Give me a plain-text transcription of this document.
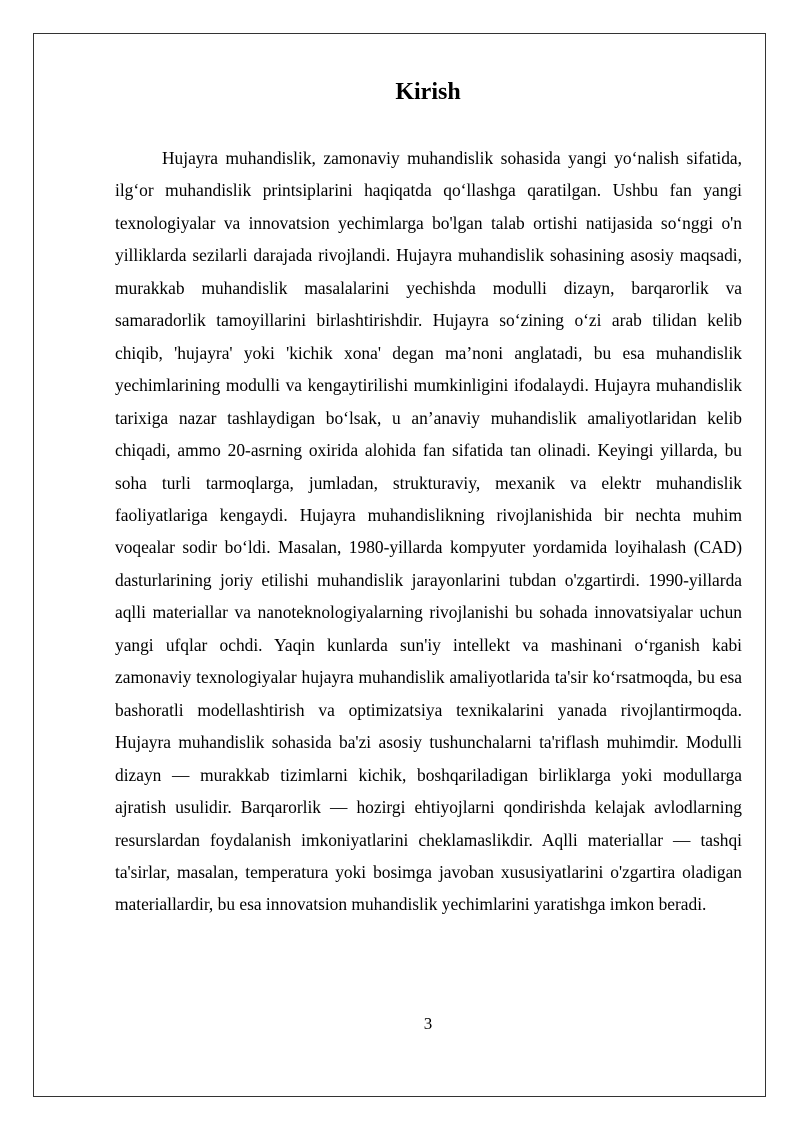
Kirish

Hujayra muhandislik, zamonaviy muhandislik sohasida yangi yo‘nalish sifatida, ilg‘or muhandislik printsiplarini haqiqatda qo‘llashga qaratilgan. Ushbu fan yangi texnologiyalar va innovatsion yechimlarga bo'lgan talab ortishi natijasida so‘nggi o'n yilliklarda sezilarli darajada rivojlandi. Hujayra muhandislik sohasining asosiy maqsadi, murakkab muhandislik masalalarini yechishda modulli dizayn, barqarorlik va samaradorlik tamoyillarini birlashtirishdir. Hujayra so‘zining o‘zi arab tilidan kelib chiqib, 'hujayra' yoki 'kichik xona' degan ma’noni anglatadi, bu esa muhandislik yechimlarining modulli va kengaytirilishi mumkinligini ifodalaydi. Hujayra muhandislik tarixiga nazar tashlaydigan bo‘lsak, u an’anaviy muhandislik amaliyotlaridan kelib chiqadi, ammo 20-asrning oxirida alohida fan sifatida tan olinadi. Keyingi yillarda, bu soha turli tarmoqlarga, jumladan, strukturaviy, mexanik va elektr muhandislik faoliyatlariga kengaydi. Hujayra muhandislikning rivojlanishida bir nechta muhim voqealar sodir bo‘ldi. Masalan, 1980-yillarda kompyuter yordamida loyihalash (CAD) dasturlarining joriy etilishi muhandislik jarayonlarini tubdan o'zgartirdi. 1990-yillarda aqlli materiallar va nanoteknologiyalarning rivojlanishi bu sohada innovatsiyalar uchun yangi ufqlar ochdi. Yaqin kunlarda sun'iy intellekt va mashinani o‘rganish kabi zamonaviy texnologiyalar hujayra muhandislik amaliyotlarida ta'sir ko‘rsatmoqda, bu esa bashoratli modellashtirish va optimizatsiya texnikalarini yanada rivojlantirmoqda. Hujayra muhandislik sohasida ba'zi asosiy tushunchalarni ta'riflash muhimdir. Modulli dizayn — murakkab tizimlarni kichik, boshqariladigan birliklarga yoki modullarga ajratish usulidir. Barqarorlik — hozirgi ehtiyojlarni qondirishda kelajak avlodlarning resurslardan foydalanish imkoniyatlarini cheklamaslikdir. Aqlli materiallar — tashqi ta'sirlar, masalan, temperatura yoki bosimga javoban xususiyatlarini o'zgartira oladigan materiallardir, bu esa innovatsion muhandislik yechimlarini yaratishga imkon beradi.

3
